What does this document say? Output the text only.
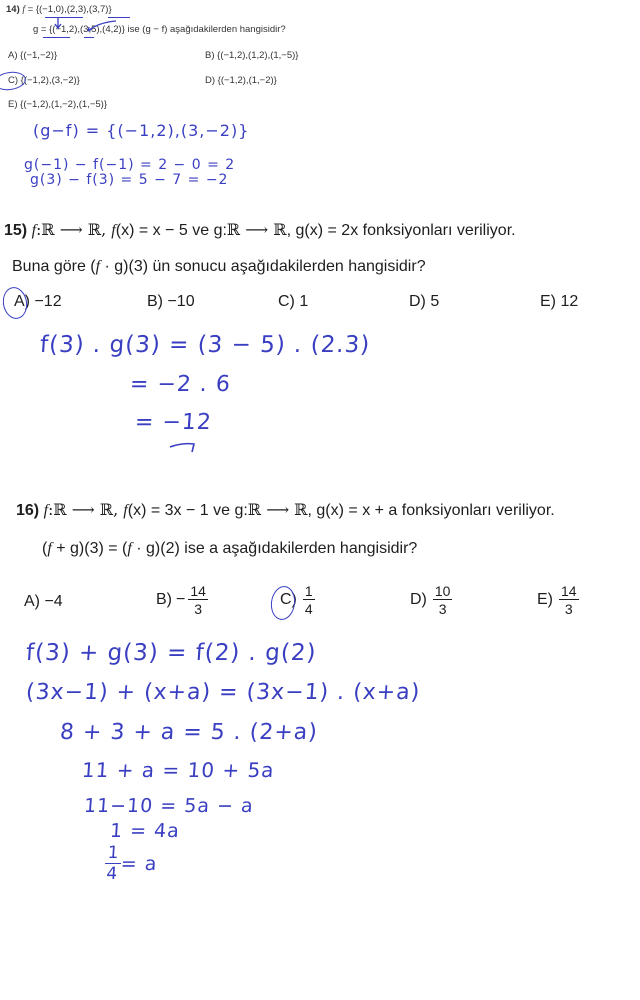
14) f = {(−1,0),(2,3),(3,7)}
g = {(−1,2),(3,5),(4,2)} ise (g − f) aşağıdakilerden hangisidir?
A) {(−1,−2)}	B) {(−1,2),(1,2),(1,−5)}
C) {(−1,2),(3,−2)}	D) {(−1,2),(1,−2)}
E) {(−1,2),(1,−2),(1,−5)}
(g−f) = {(−1,2),(3,−2)}
g(−1) − f(−1) = 2 − 0 = 2
g(3) − f(3) = 5 − 7 = −2
15) f:ℝ ⟶ ℝ, f(x) = x − 5 ve g:ℝ ⟶ ℝ, g(x) = 2x fonksiyonları veriliyor.
Buna göre (f · g)(3) ün sonucu aşağıdakilerden hangisidir?
A) −12	B) −10	C) 1	D) 5	E) 12
f(3) . g(3) = (3 − 5) . (2.3)
= −2 . 6
= −12
16) f:ℝ ⟶ ℝ, f(x) = 3x − 1 ve g:ℝ ⟶ ℝ, g(x) = x + a fonksiyonları veriliyor.
(f + g)(3) = (f · g)(2) ise a aşağıdakilerden hangisidir?
A) −4	$B) - \frac{14}{3}$	$C) \frac{1}{4}$	$D) \frac{10}{3}$	$E) \frac{14}{3}$
f(3) + g(3) = f(2) . g(2)
(3x−1) + (x+a) = (3x−1) . (x+a)
8 + 3 + a = 5 . (2+a)
11 + a = 10 + 5a
11−10 = 5a − a
1 = 4a
$\frac{1}{4}$
= a
